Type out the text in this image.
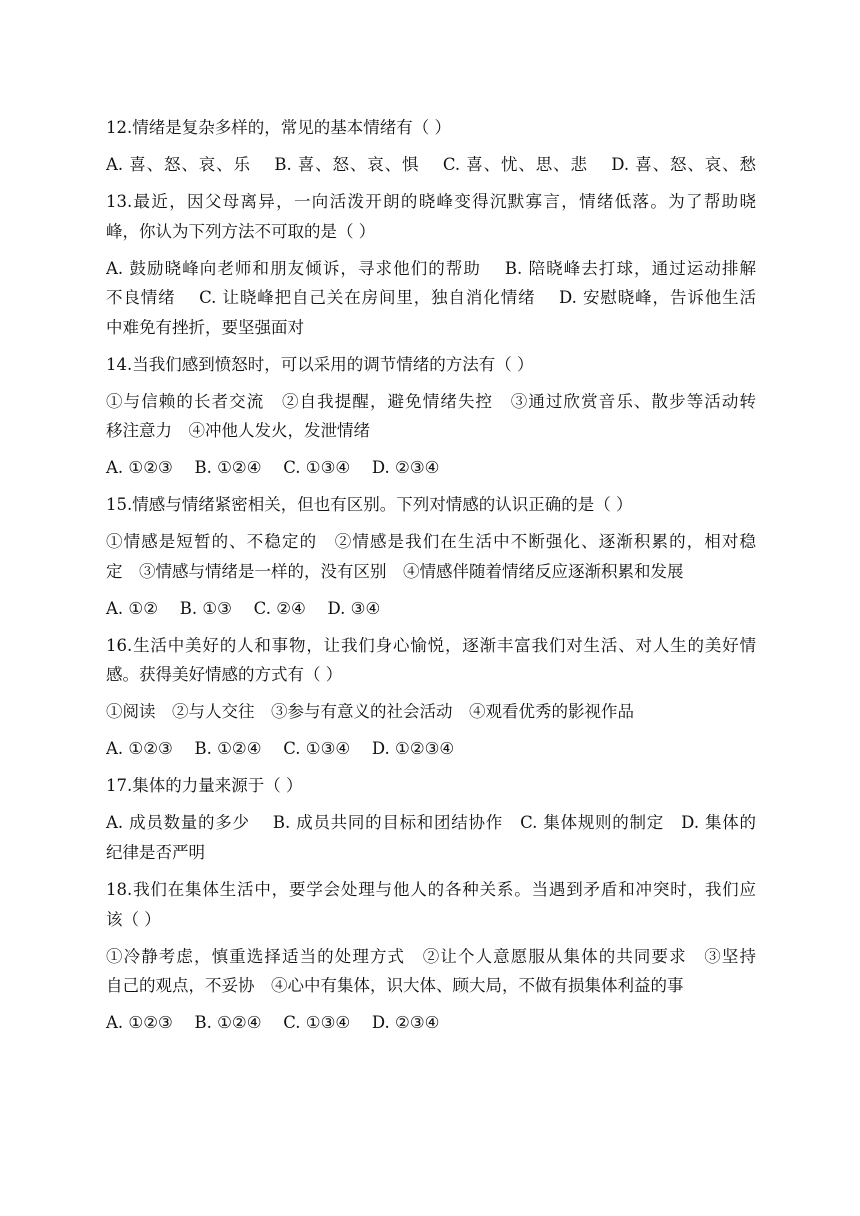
12.情绪是复杂多样的，常见的基本情绪有（ ）
A. 喜、怒、哀、乐　 B. 喜、怒、哀、惧　 C. 喜、忧、思、悲　 D. 喜、怒、哀、愁
13.最近，因父母离异，一向活泼开朗的晓峰变得沉默寡言，情绪低落。为了帮助晓
峰，你认为下列方法不可取的是（ ）
A. 鼓励晓峰向老师和朋友倾诉，寻求他们的帮助　 B. 陪晓峰去打球，通过运动排解
不良情绪　 C. 让晓峰把自己关在房间里，独自消化情绪　 D. 安慰晓峰，告诉他生活
中难免有挫折，要坚强面对
14.当我们感到愤怒时，可以采用的调节情绪的方法有（ ）
①与信赖的长者交流　②自我提醒，避免情绪失控　③通过欣赏音乐、散步等活动转
移注意力　④冲他人发火，发泄情绪
A. ①②③　 B. ①②④　 C. ①③④　 D. ②③④
15.情感与情绪紧密相关，但也有区别。下列对情感的认识正确的是（ ）
①情感是短暂的、不稳定的　②情感是我们在生活中不断强化、逐渐积累的，相对稳
定　③情感与情绪是一样的，没有区别　④情感伴随着情绪反应逐渐积累和发展
A. ①②　 B. ①③　 C. ②④　 D. ③④
16.生活中美好的人和事物，让我们身心愉悦，逐渐丰富我们对生活、对人生的美好情
感。获得美好情感的方式有（ ）
①阅读　②与人交往　③参与有意义的社会活动　④观看优秀的影视作品
A. ①②③　 B. ①②④　 C. ①③④　 D. ①②③④
17.集体的力量来源于（ ）
A. 成员数量的多少　 B. 成员共同的目标和团结协作　C. 集体规则的制定　D. 集体的
纪律是否严明
18.我们在集体生活中，要学会处理与他人的各种关系。当遇到矛盾和冲突时，我们应
该（ ）
①冷静考虑，慎重选择适当的处理方式　②让个人意愿服从集体的共同要求　③坚持
自己的观点，不妥协　④心中有集体，识大体、顾大局，不做有损集体利益的事
A. ①②③　 B. ①②④　 C. ①③④　 D. ②③④
